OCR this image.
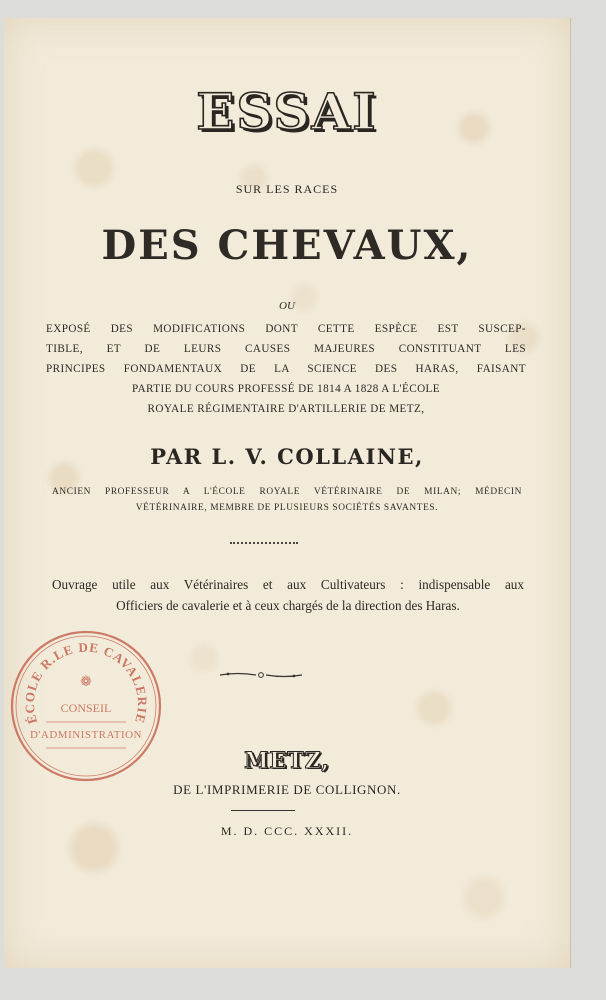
ESSAI
SUR LES RACES
DES CHEVAUX,
OU
EXPOSÉ DES MODIFICATIONS DONT CETTE ESPÈCE EST SUSCEP-
TIBLE, ET DE LEURS CAUSES MAJEURES CONSTITUANT LES
PRINCIPES FONDAMENTAUX DE LA SCIENCE DES HARAS, FAISANT
PARTIE DU COURS PROFESSÉ DE 1814 A 1828 A L'ÉCOLE
ROYALE RÉGIMENTAIRE D'ARTILLERIE DE METZ,
PAR L. V. COLLAINE,
ANCIEN PROFESSEUR A L'ÉCOLE ROYALE VÉTÉRINAIRE DE MILAN; MÉDECIN
VÉTÉRINAIRE, MEMBRE DE PLUSIEURS SOCIÉTÉS SAVANTES.
Ouvrage utile aux Vétérinaires et aux Cultivateurs : indispensable aux
Officiers de cavalerie et à ceux chargés de la direction des Haras.
METZ,
DE L'IMPRIMERIE DE COLLIGNON.
M. D. CCC. XXXII.
ÉCOLE R.LE DE CAVALERIE
❁
CONSEIL
D'ADMINISTRATION
